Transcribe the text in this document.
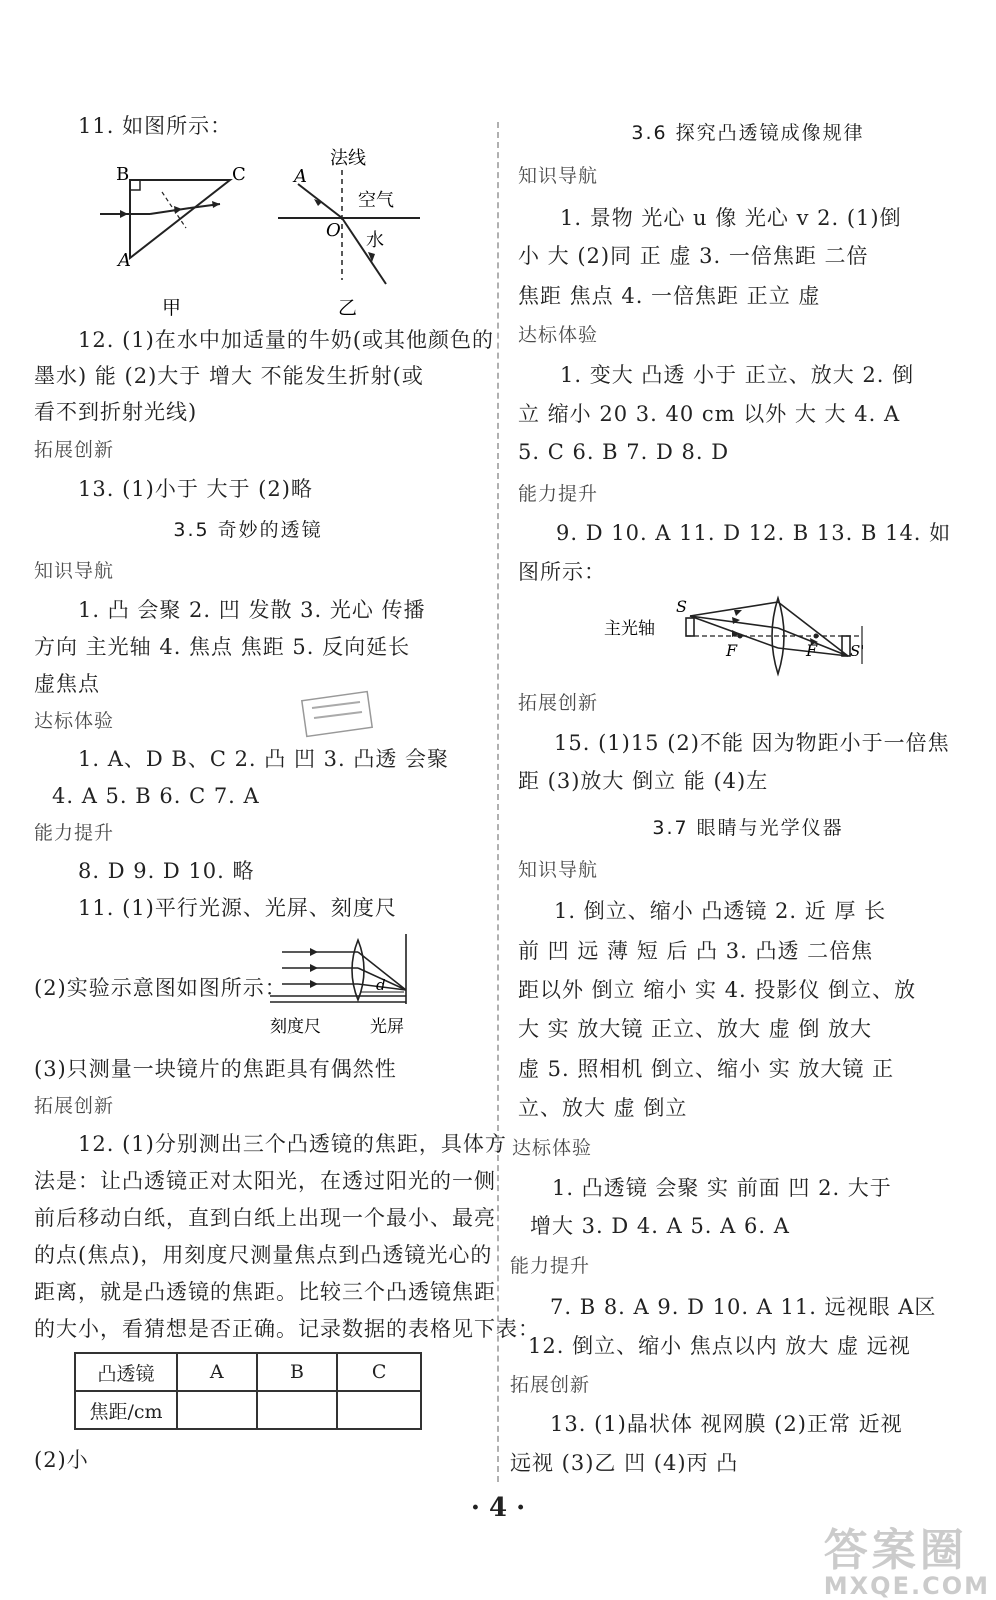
11. 如图所示：
B	C
A
法线
A
空气
O 水
甲	乙
12. (1)在水中加适量的牛奶(或其他颜色的
墨水) 能 (2)大于 增大 不能发生折射(或
看不到折射光线)
拓展创新
13. (1)小于 大于 (2)略
3.5 奇妙的透镜
知识导航
1. 凸 会聚 2. 凹 发散 3. 光心 传播
方向 主光轴 4. 焦点 焦距 5. 反向延长
虚焦点
达标体验
1. A、D B、C 2. 凸 凹 3. 凸透 会聚
4. A 5. B 6. C 7. A
能力提升
8. D 9. D 10. 略
11. (1)平行光源、光屏、刻度尺
d
刻度尺	光屏
(2)实验示意图如图所示：
(3)只测量一块镜片的焦距具有偶然性
拓展创新
12. (1)分别测出三个凸透镜的焦距，具体方
法是：让凸透镜正对太阳光，在透过阳光的一侧
前后移动白纸，直到白纸上出现一个最小、最亮
的点(焦点)，用刻度尺测量焦点到凸透镜光心的
距离，就是凸透镜的焦距。比较三个凸透镜焦距
的大小，看猜想是否正确。记录数据的表格见下表：
凸透镜	A	B	C
焦距/cm			
(2)小
3.6 探究凸透镜成像规律
知识导航
1. 景物 光心 u 像 光心 v 2. (1)倒
小 大 (2)同 正 虚 3. 一倍焦距 二倍
焦距 焦点 4. 一倍焦距 正立 虚
达标体验
1. 变大 凸透 小于 正立、放大 2. 倒
立 缩小 20 3. 40 cm 以外 大 大 4. A
5. C 6. B 7. D 8. D
能力提升
9. D 10. A 11. D 12. B 13. B 14. 如
图所示：
S
主光轴
F	F S'
拓展创新
15. (1)15 (2)不能 因为物距小于一倍焦
距 (3)放大 倒立 能 (4)左
3.7 眼睛与光学仪器
知识导航
1. 倒立、缩小 凸透镜 2. 近 厚 长
前 凹 远 薄 短 后 凸 3. 凸透 二倍焦
距以外 倒立 缩小 实 4. 投影仪 倒立、放
大 实 放大镜 正立、放大 虚 倒 放大
虚 5. 照相机 倒立、缩小 实 放大镜 正
立、放大 虚 倒立
达标体验
1. 凸透镜 会聚 实 前面 凹 2. 大于
增大 3. D 4. A 5. A 6. A
能力提升
7. B 8. A 9. D 10. A 11. 远视眼 A区
12. 倒立、缩小 焦点以内 放大 虚 远视
拓展创新
13. (1)晶状体 视网膜 (2)正常 近视
远视 (3)乙 凹 (4)丙 凸
· 4 ·
答案圈
MXQE.COM
